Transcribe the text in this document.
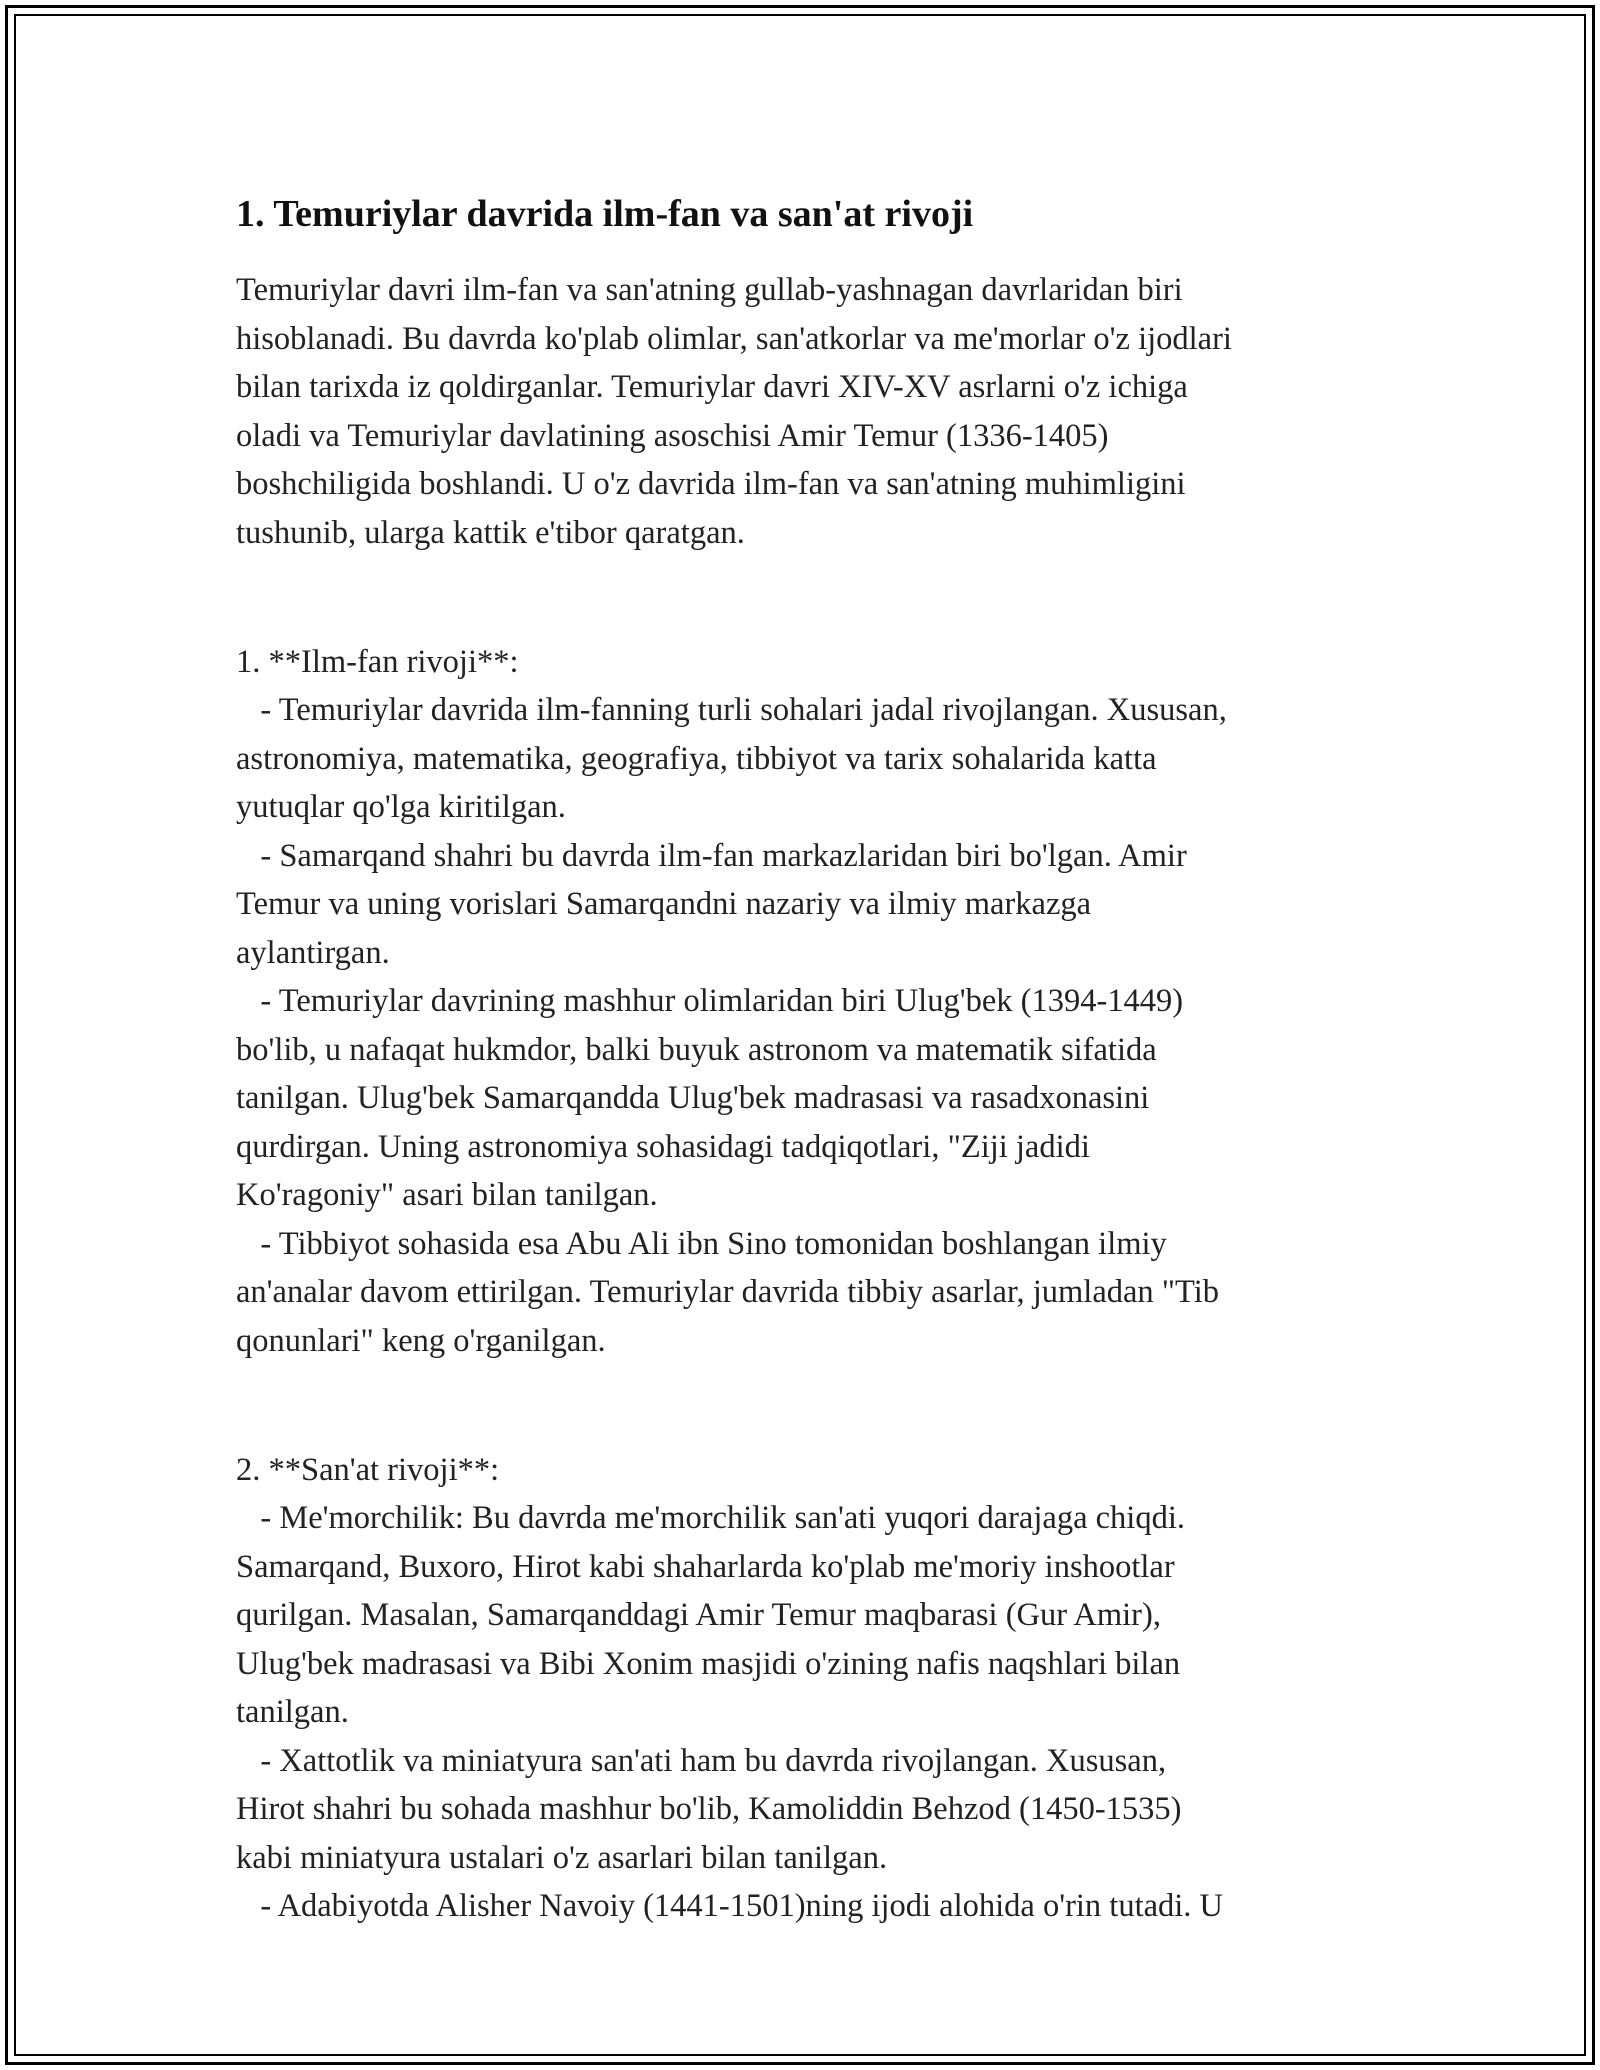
1. Temuriylar davrida ilm-fan va san'at rivoji

Temuriylar davri ilm-fan va san'atning gullab-yashnagan davrlaridan biri

hisoblanadi. Bu davrda ko'plab olimlar, san'atkorlar va me'morlar o'z ijodlari

bilan tarixda iz qoldirganlar. Temuriylar davri XIV-XV asrlarni o'z ichiga

oladi va Temuriylar davlatining asoschisi Amir Temur (1336-1405)

boshchiligida boshlandi. U o'z davrida ilm-fan va san'atning muhimligini

tushunib, ularga kattik e'tibor qaratgan.

1. **Ilm-fan rivoji**:

- Temuriylar davrida ilm-fanning turli sohalari jadal rivojlangan. Xususan,

astronomiya, matematika, geografiya, tibbiyot va tarix sohalarida katta

yutuqlar qo'lga kiritilgan.

- Samarqand shahri bu davrda ilm-fan markazlaridan biri bo'lgan. Amir

Temur va uning vorislari Samarqandni nazariy va ilmiy markazga

aylantirgan.

- Temuriylar davrining mashhur olimlaridan biri Ulug'bek (1394-1449)

bo'lib, u nafaqat hukmdor, balki buyuk astronom va matematik sifatida

tanilgan. Ulug'bek Samarqandda Ulug'bek madrasasi va rasadxonasini

qurdirgan. Uning astronomiya sohasidagi tadqiqotlari, "Ziji jadidi

Ko'ragoniy" asari bilan tanilgan.

- Tibbiyot sohasida esa Abu Ali ibn Sino tomonidan boshlangan ilmiy

an'analar davom ettirilgan. Temuriylar davrida tibbiy asarlar, jumladan "Tib

qonunlari" keng o'rganilgan.

2. **San'at rivoji**:

- Me'morchilik: Bu davrda me'morchilik san'ati yuqori darajaga chiqdi.

Samarqand, Buxoro, Hirot kabi shaharlarda ko'plab me'moriy inshootlar

qurilgan. Masalan, Samarqanddagi Amir Temur maqbarasi (Gur Amir),

Ulug'bek madrasasi va Bibi Xonim masjidi o'zining nafis naqshlari bilan

tanilgan.

- Xattotlik va miniatyura san'ati ham bu davrda rivojlangan. Xususan,

Hirot shahri bu sohada mashhur bo'lib, Kamoliddin Behzod (1450-1535)

kabi miniatyura ustalari o'z asarlari bilan tanilgan.

- Adabiyotda Alisher Navoiy (1441-1501)ning ijodi alohida o'rin tutadi. U
